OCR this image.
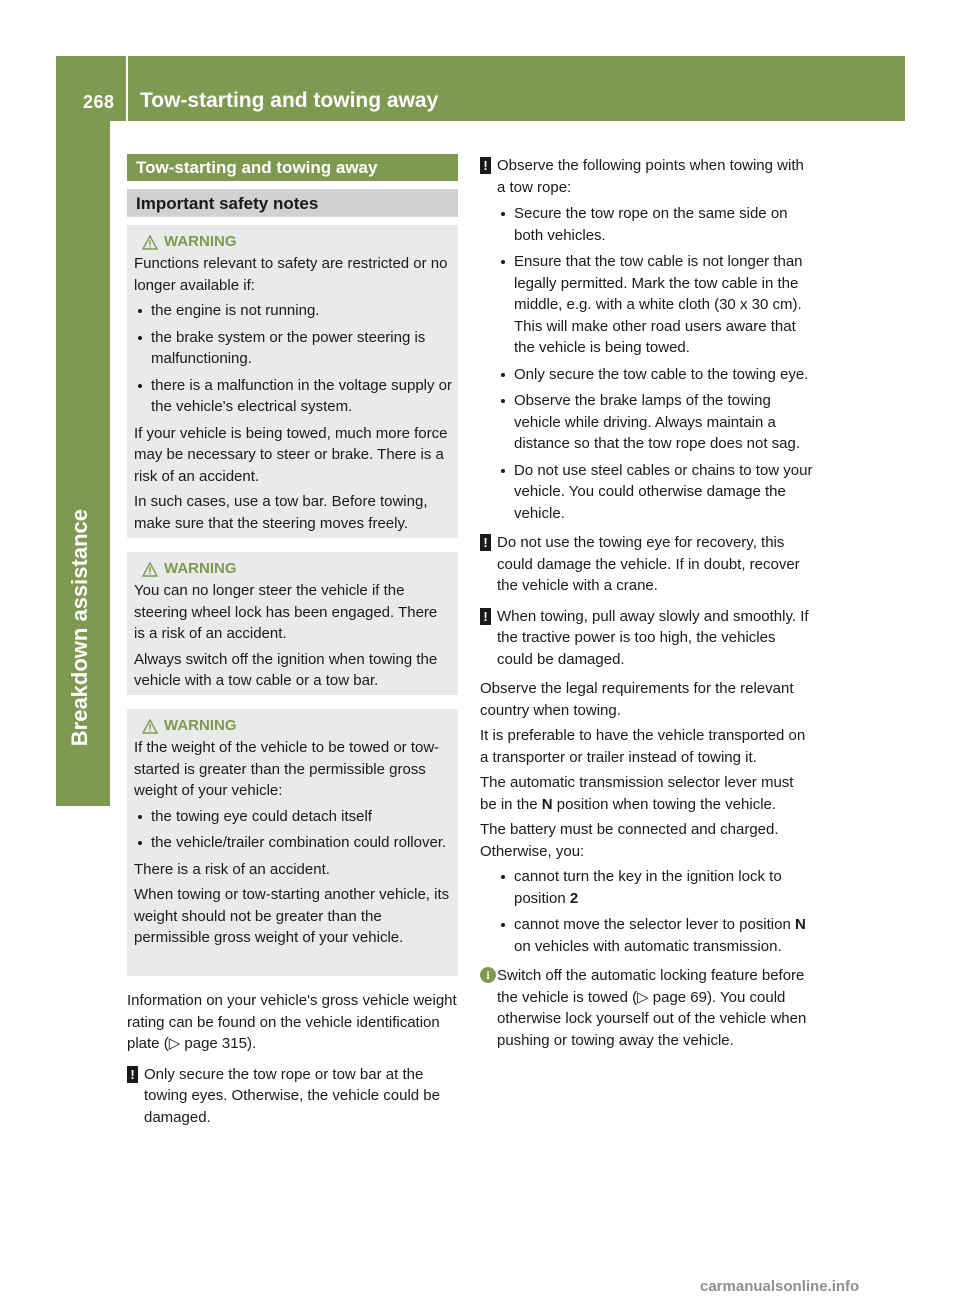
268 Tow-starting and towing away
Breakdown assistance
Tow-starting and towing away
Important safety notes
WARNING

Functions relevant to safety are restricted or no longer available if:

the engine is not running.
the brake system or the power steering is malfunctioning.
there is a malfunction in the voltage supply or the vehicle's electrical system.

If your vehicle is being towed, much more force may be necessary to steer or brake. There is a risk of an accident.

In such cases, use a tow bar. Before towing, make sure that the steering moves freely.

WARNING

You can no longer steer the vehicle if the steering wheel lock has been engaged. There is a risk of an accident.

Always switch off the ignition when towing the vehicle with a tow cable or a tow bar.

WARNING

If the weight of the vehicle to be towed or tow-started is greater than the permissible gross weight of your vehicle:

the towing eye could detach itself
the vehicle/trailer combination could rollover.

There is a risk of an accident.

When towing or tow-starting another vehicle, its weight should not be greater than the permissible gross weight of your vehicle.

Information on your vehicle's gross vehicle weight rating can be found on the vehicle identification plate (▷ page 315).

! Only secure the tow rope or tow bar at the towing eyes. Otherwise, the vehicle could be damaged.
! Observe the following points when towing with a tow rope:
Secure the tow rope on the same side on both vehicles.
Ensure that the tow cable is not longer than legally permitted. Mark the tow cable in the middle, e.g. with a white cloth (30 x 30 cm). This will make other road users aware that the vehicle is being towed.
Only secure the tow cable to the towing eye.
Observe the brake lamps of the towing vehicle while driving. Always maintain a distance so that the tow rope does not sag.
Do not use steel cables or chains to tow your vehicle. You could otherwise damage the vehicle.
! Do not use the towing eye for recovery, this could damage the vehicle. If in doubt, recover the vehicle with a crane.
! When towing, pull away slowly and smoothly. If the tractive power is too high, the vehicles could be damaged.

Observe the legal requirements for the relevant country when towing.

It is preferable to have the vehicle transported on a transporter or trailer instead of towing it.

The automatic transmission selector lever must be in the N position when towing the vehicle.

The battery must be connected and charged. Otherwise, you:

cannot turn the key in the ignition lock to position 2
cannot move the selector lever to position N on vehicles with automatic transmission.
i Switch off the automatic locking feature before the vehicle is towed (▷ page 69). You could otherwise lock yourself out of the vehicle when pushing or towing away the vehicle.
carmanualsonline.info
